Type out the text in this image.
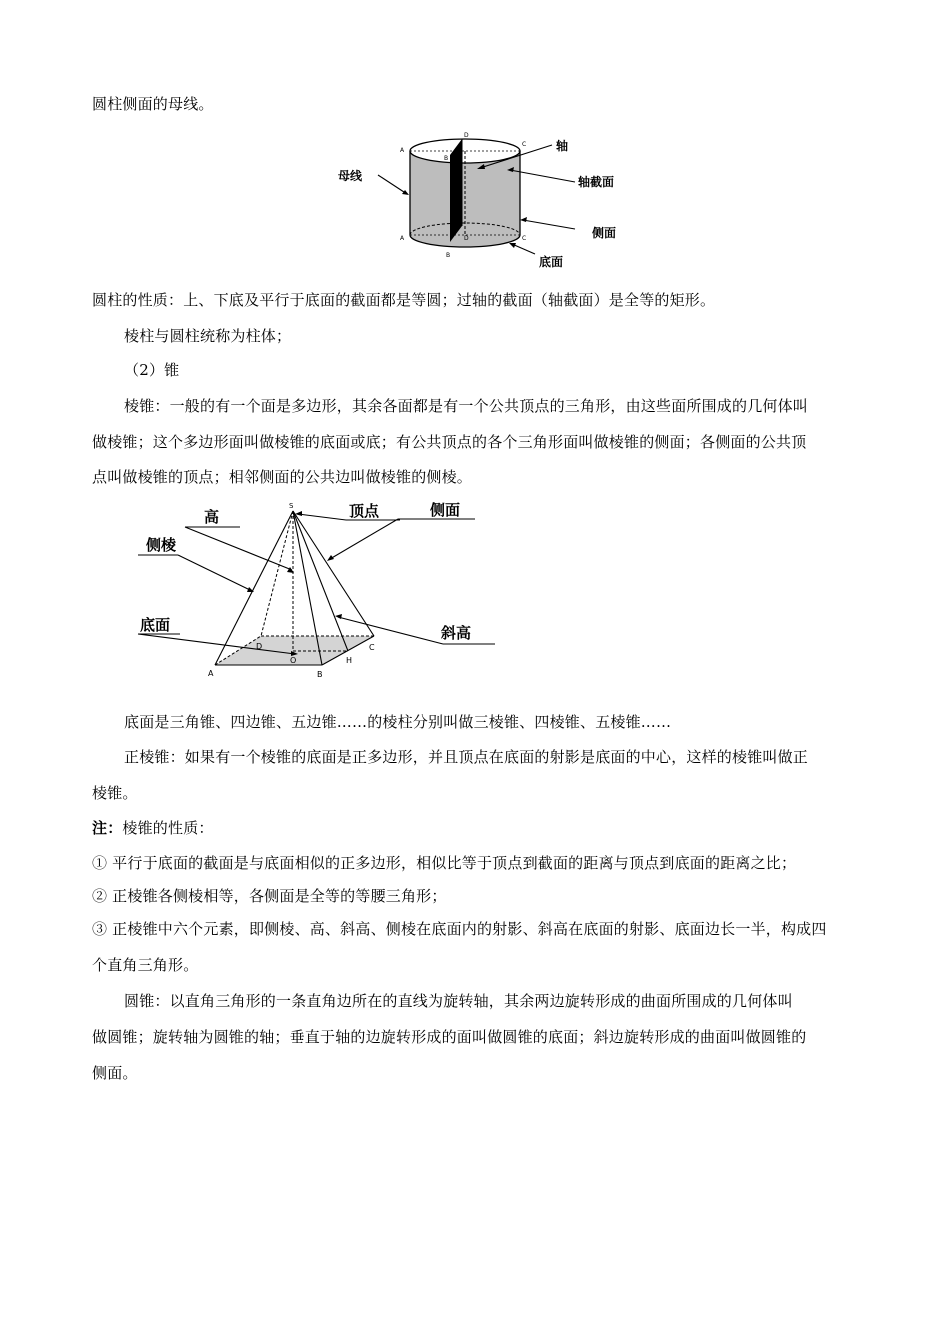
圆柱侧面的母线。
A
C
D
B
A	C
D
B
母线
轴
轴截面
侧面
底面
圆柱的性质：上、下底及平行于底面的截面都是等圆；过轴的截面（轴截面）是全等的矩形。
棱柱与圆柱统称为柱体；
（2）锥
棱锥：一般的有一个面是多边形，其余各面都是有一个公共顶点的三角形，由这些面所围成的几何体叫
做棱锥；这个多边形面叫做棱锥的底面或底；有公共顶点的各个三角形面叫做棱锥的侧面；各侧面的公共顶
点叫做棱锥的顶点；相邻侧面的公共边叫做棱锥的侧棱。
S
A	B
C
D
O	H
高	顶点	侧面
侧棱
底面	斜高
底面是三角锥、四边锥、五边锥……的棱柱分别叫做三棱锥、四棱锥、五棱锥……
正棱锥：如果有一个棱锥的底面是正多边形，并且顶点在底面的射影是底面的中心，这样的棱锥叫做正
棱锥。
注：棱锥的性质：
① 平行于底面的截面是与底面相似的正多边形，相似比等于顶点到截面的距离与顶点到底面的距离之比；
② 正棱锥各侧棱相等，各侧面是全等的等腰三角形；
③ 正棱锥中六个元素，即侧棱、高、斜高、侧棱在底面内的射影、斜高在底面的射影、底面边长一半，构成四
个直角三角形。
圆锥：以直角三角形的一条直角边所在的直线为旋转轴，其余两边旋转形成的曲面所围成的几何体叫
做圆锥；旋转轴为圆锥的轴；垂直于轴的边旋转形成的面叫做圆锥的底面；斜边旋转形成的曲面叫做圆锥的
侧面。
